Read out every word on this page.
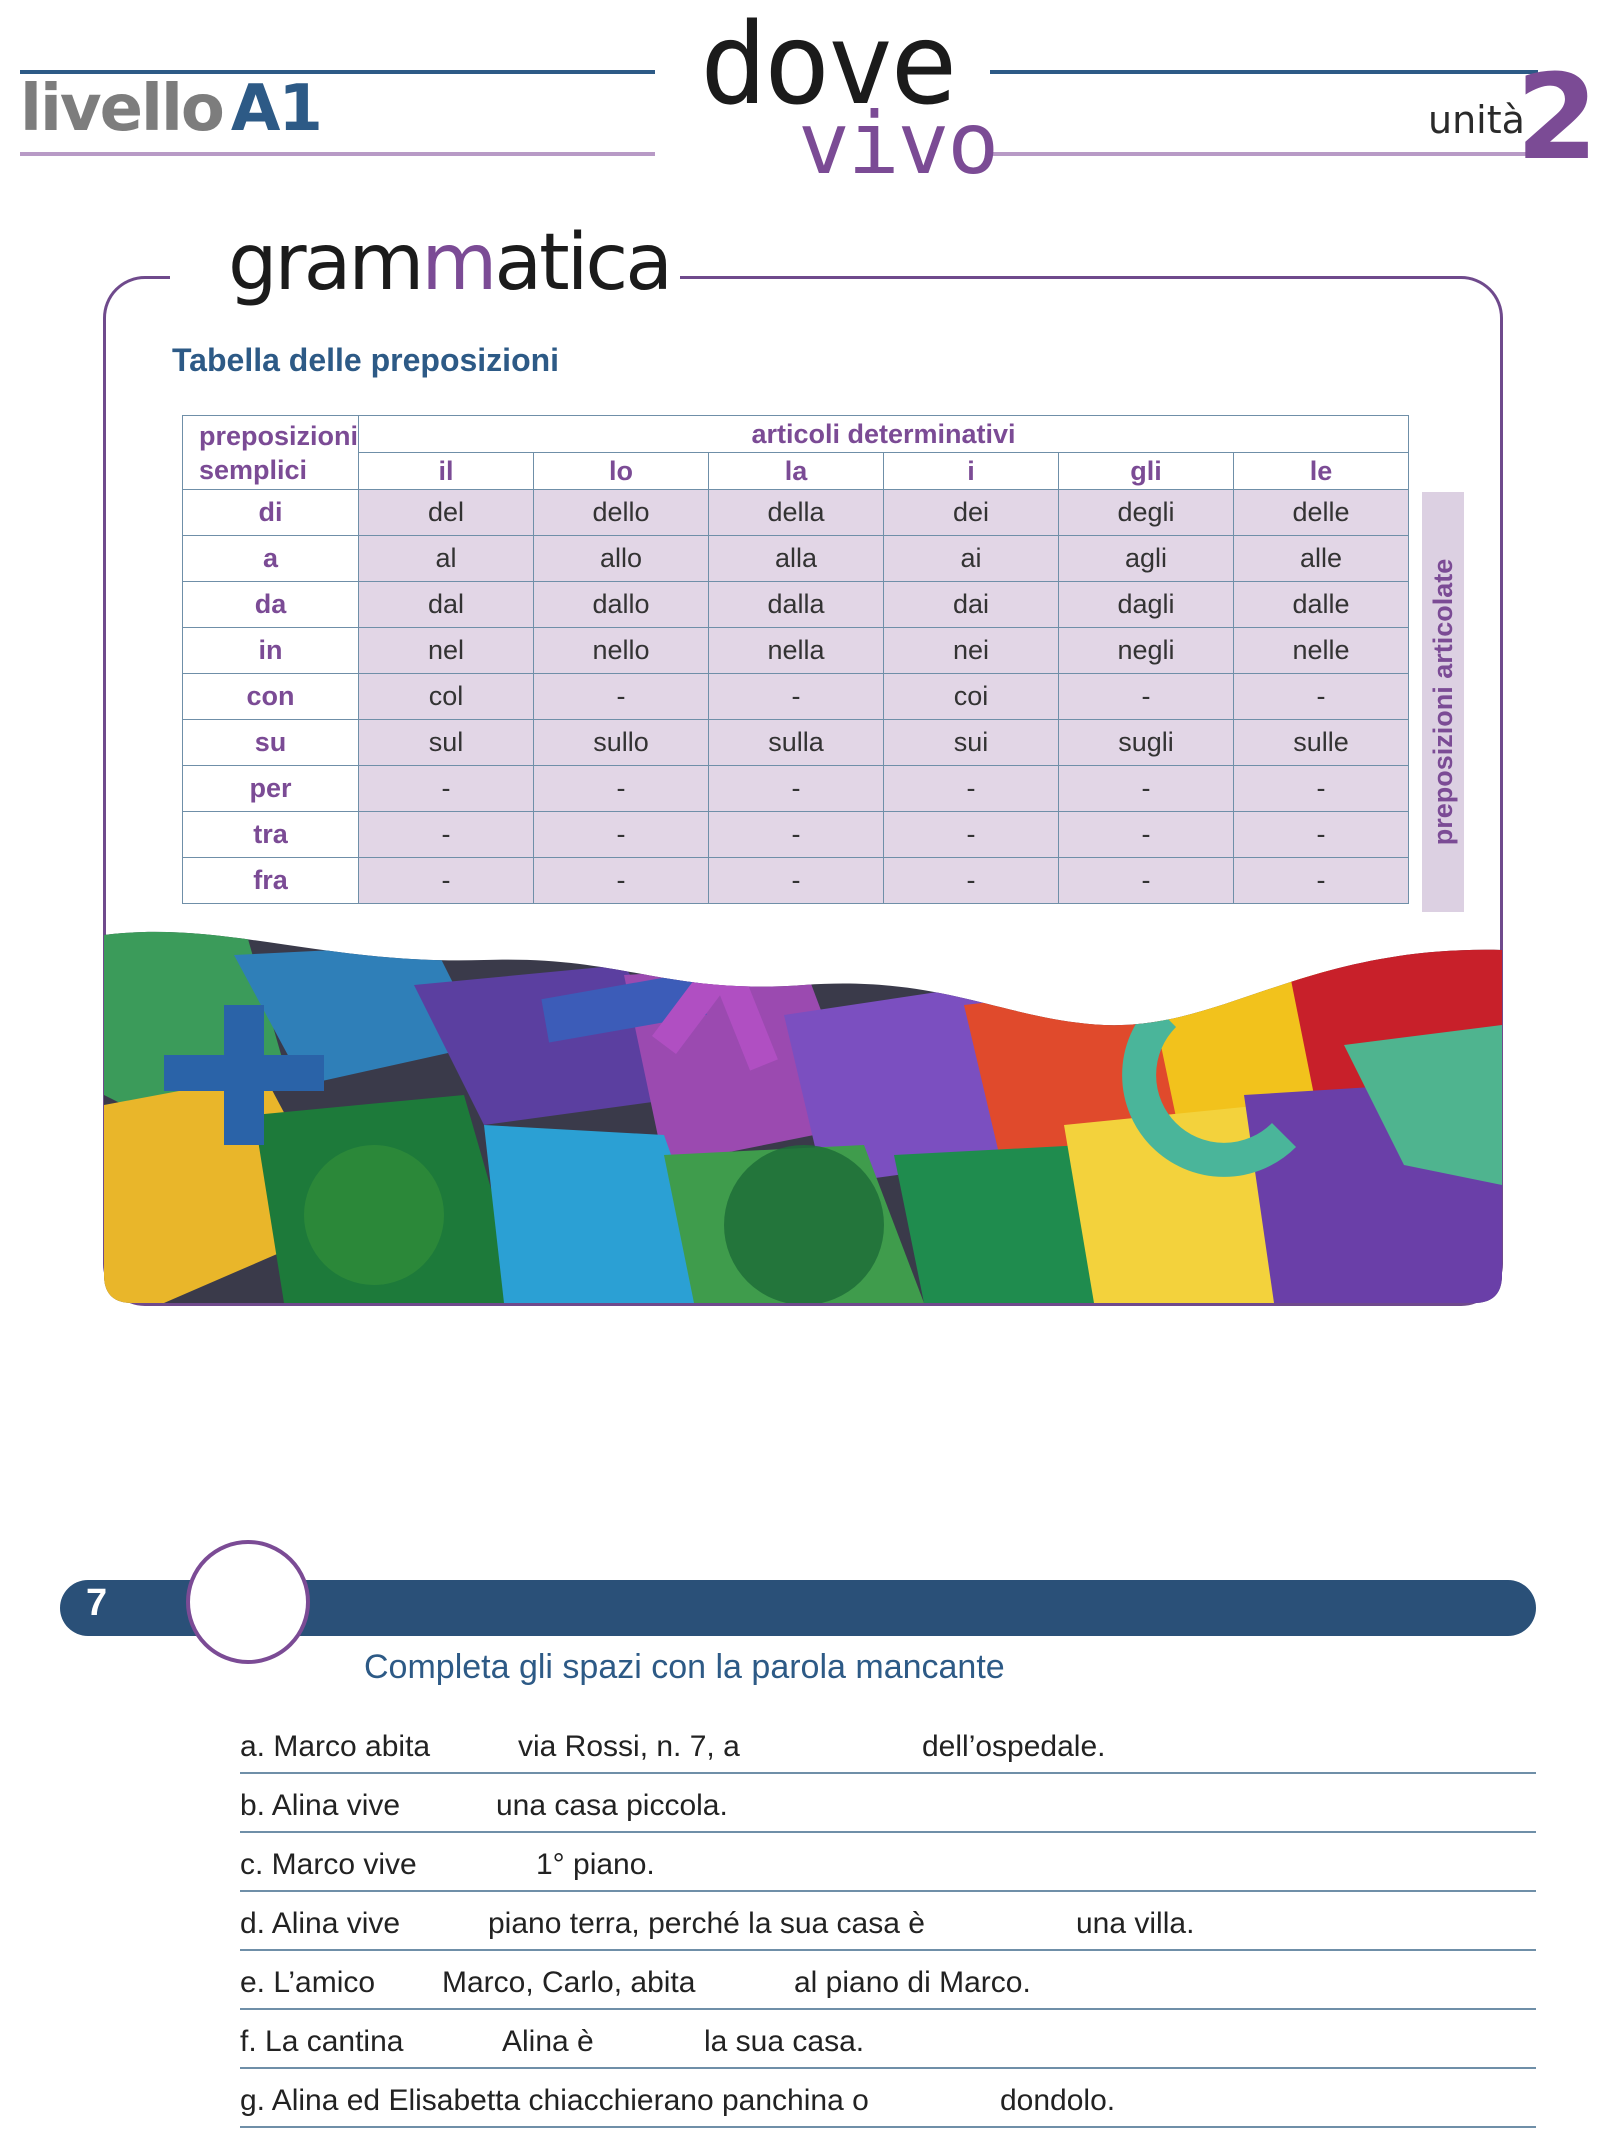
livello A1	dove
vivo	unità
2
grammatica
Tabella delle preposizioni
preposizioni
semplici	articoli determinativi					
	il	lo	la	i	gli	le
di	del	dello	della	dei	degli	delle
a	al	allo	alla	ai	agli	alle
da	dal	dallo	dalla	dai	dagli	dalle
in	nel	nello	nella	nei	negli	nelle
con	col	-	-	coi	-	-
su	sul	sullo	sulla	sui	sugli	sulle
per	-	-	-	-	-	-
tra	-	-	-	-	-	-
fra	-	-	-	-	-	-
preposizioni articolate
7
Completa gli spazi con la parola mancante
a. Marco abita	via Rossi, n. 7, a	dell’ospedale.
b. Alina vive	una casa piccola.
c. Marco vive	1° piano.
d. Alina vive	piano terra, perché la sua casa è	una villa.
e. L’amico Marco, Carlo, abita	al piano di Marco.
f. La cantina	Alina è	la sua casa.
g. Alina ed Elisabetta chiacchierano panchina o	dondolo.
